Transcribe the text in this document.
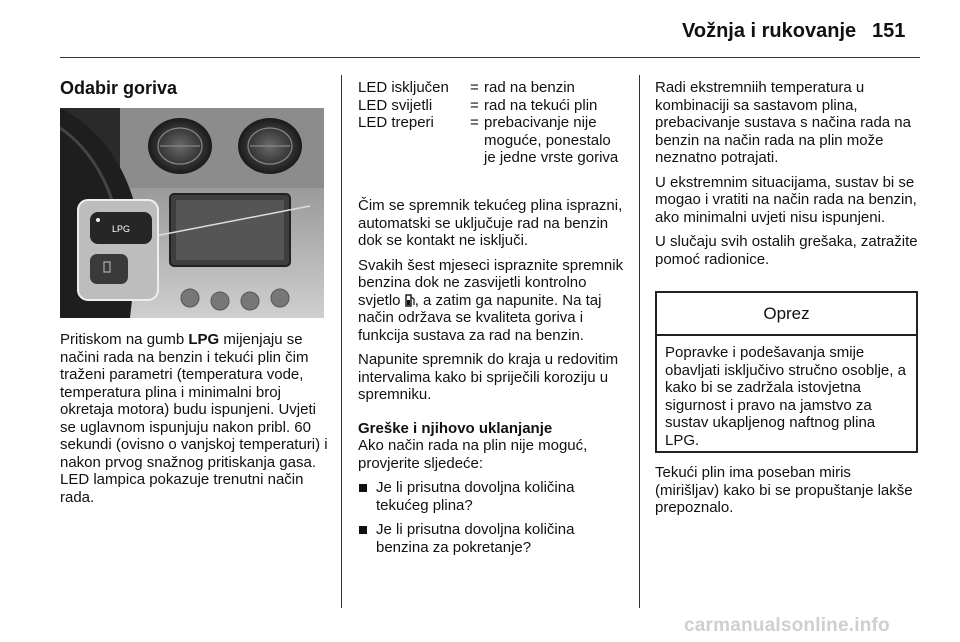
Vožnja i rukovanje 151
Odabir goriva
LPG

Pritiskom na gumb LPG mijenjaju se načini rada na benzin i tekući plin čim traženi parametri (temperatura vode, temperatura plina i minimalni broj okretaja motora) budu ispunjeni. Uvjeti se uglavnom ispunjuju nakon pribl. 60 sekundi (ovisno o vanjskoj temperaturi) i nakon prvog snažnog pritiskanja gasa. LED lampica pokazuje trenutni način rada.

LED isključen	=	rad na benzin
LED svijetli	=	rad na tekući plin
LED treperi	=	prebacivanje nije moguće, ponestalo je jedne vrste goriva

Čim se spremnik tekućeg plina isprazni, automatski se uključuje rad na benzin dok se kontakt ne isključi.

Svakih šest mjeseci ispraznite spremnik benzina dok ne zasvijetli kontrolno svjetlo , a zatim ga napunite. Na taj način održava se kvaliteta goriva i funkcija sustava za rad na benzin.

Napunite spremnik do kraja u redovitim intervalima kako bi spriječili koroziju u spremniku.

Greške i njihovo uklanjanje

Ako način rada na plin nije moguć, provjerite sljedeće:

Je li prisutna dovoljna količina tekućeg plina?
Je li prisutna dovoljna količina benzina za pokretanje?

Radi ekstremniih temperatura u kombinaciji sa sastavom plina, prebacivanje sustava s načina rada na benzin na način rada na plin može neznatno potrajati.

U ekstremnim situacijama, sustav bi se mogao i vratiti na način rada na benzin, ako minimalni uvjeti nisu ispunjeni.

U slučaju svih ostalih grešaka, zatražite pomoć radionice.

Oprez
Popravke i podešavanja smije obavljati isključivo stručno osoblje, a kako bi se zadržala istovjetna sigurnost i pravo na jamstvo za sustav ukapljenog naftnog plina LPG.

Tekući plin ima poseban miris (mirišljav) kako bi se propuštanje lakše prepoznalo.

carmanualsonline.info
